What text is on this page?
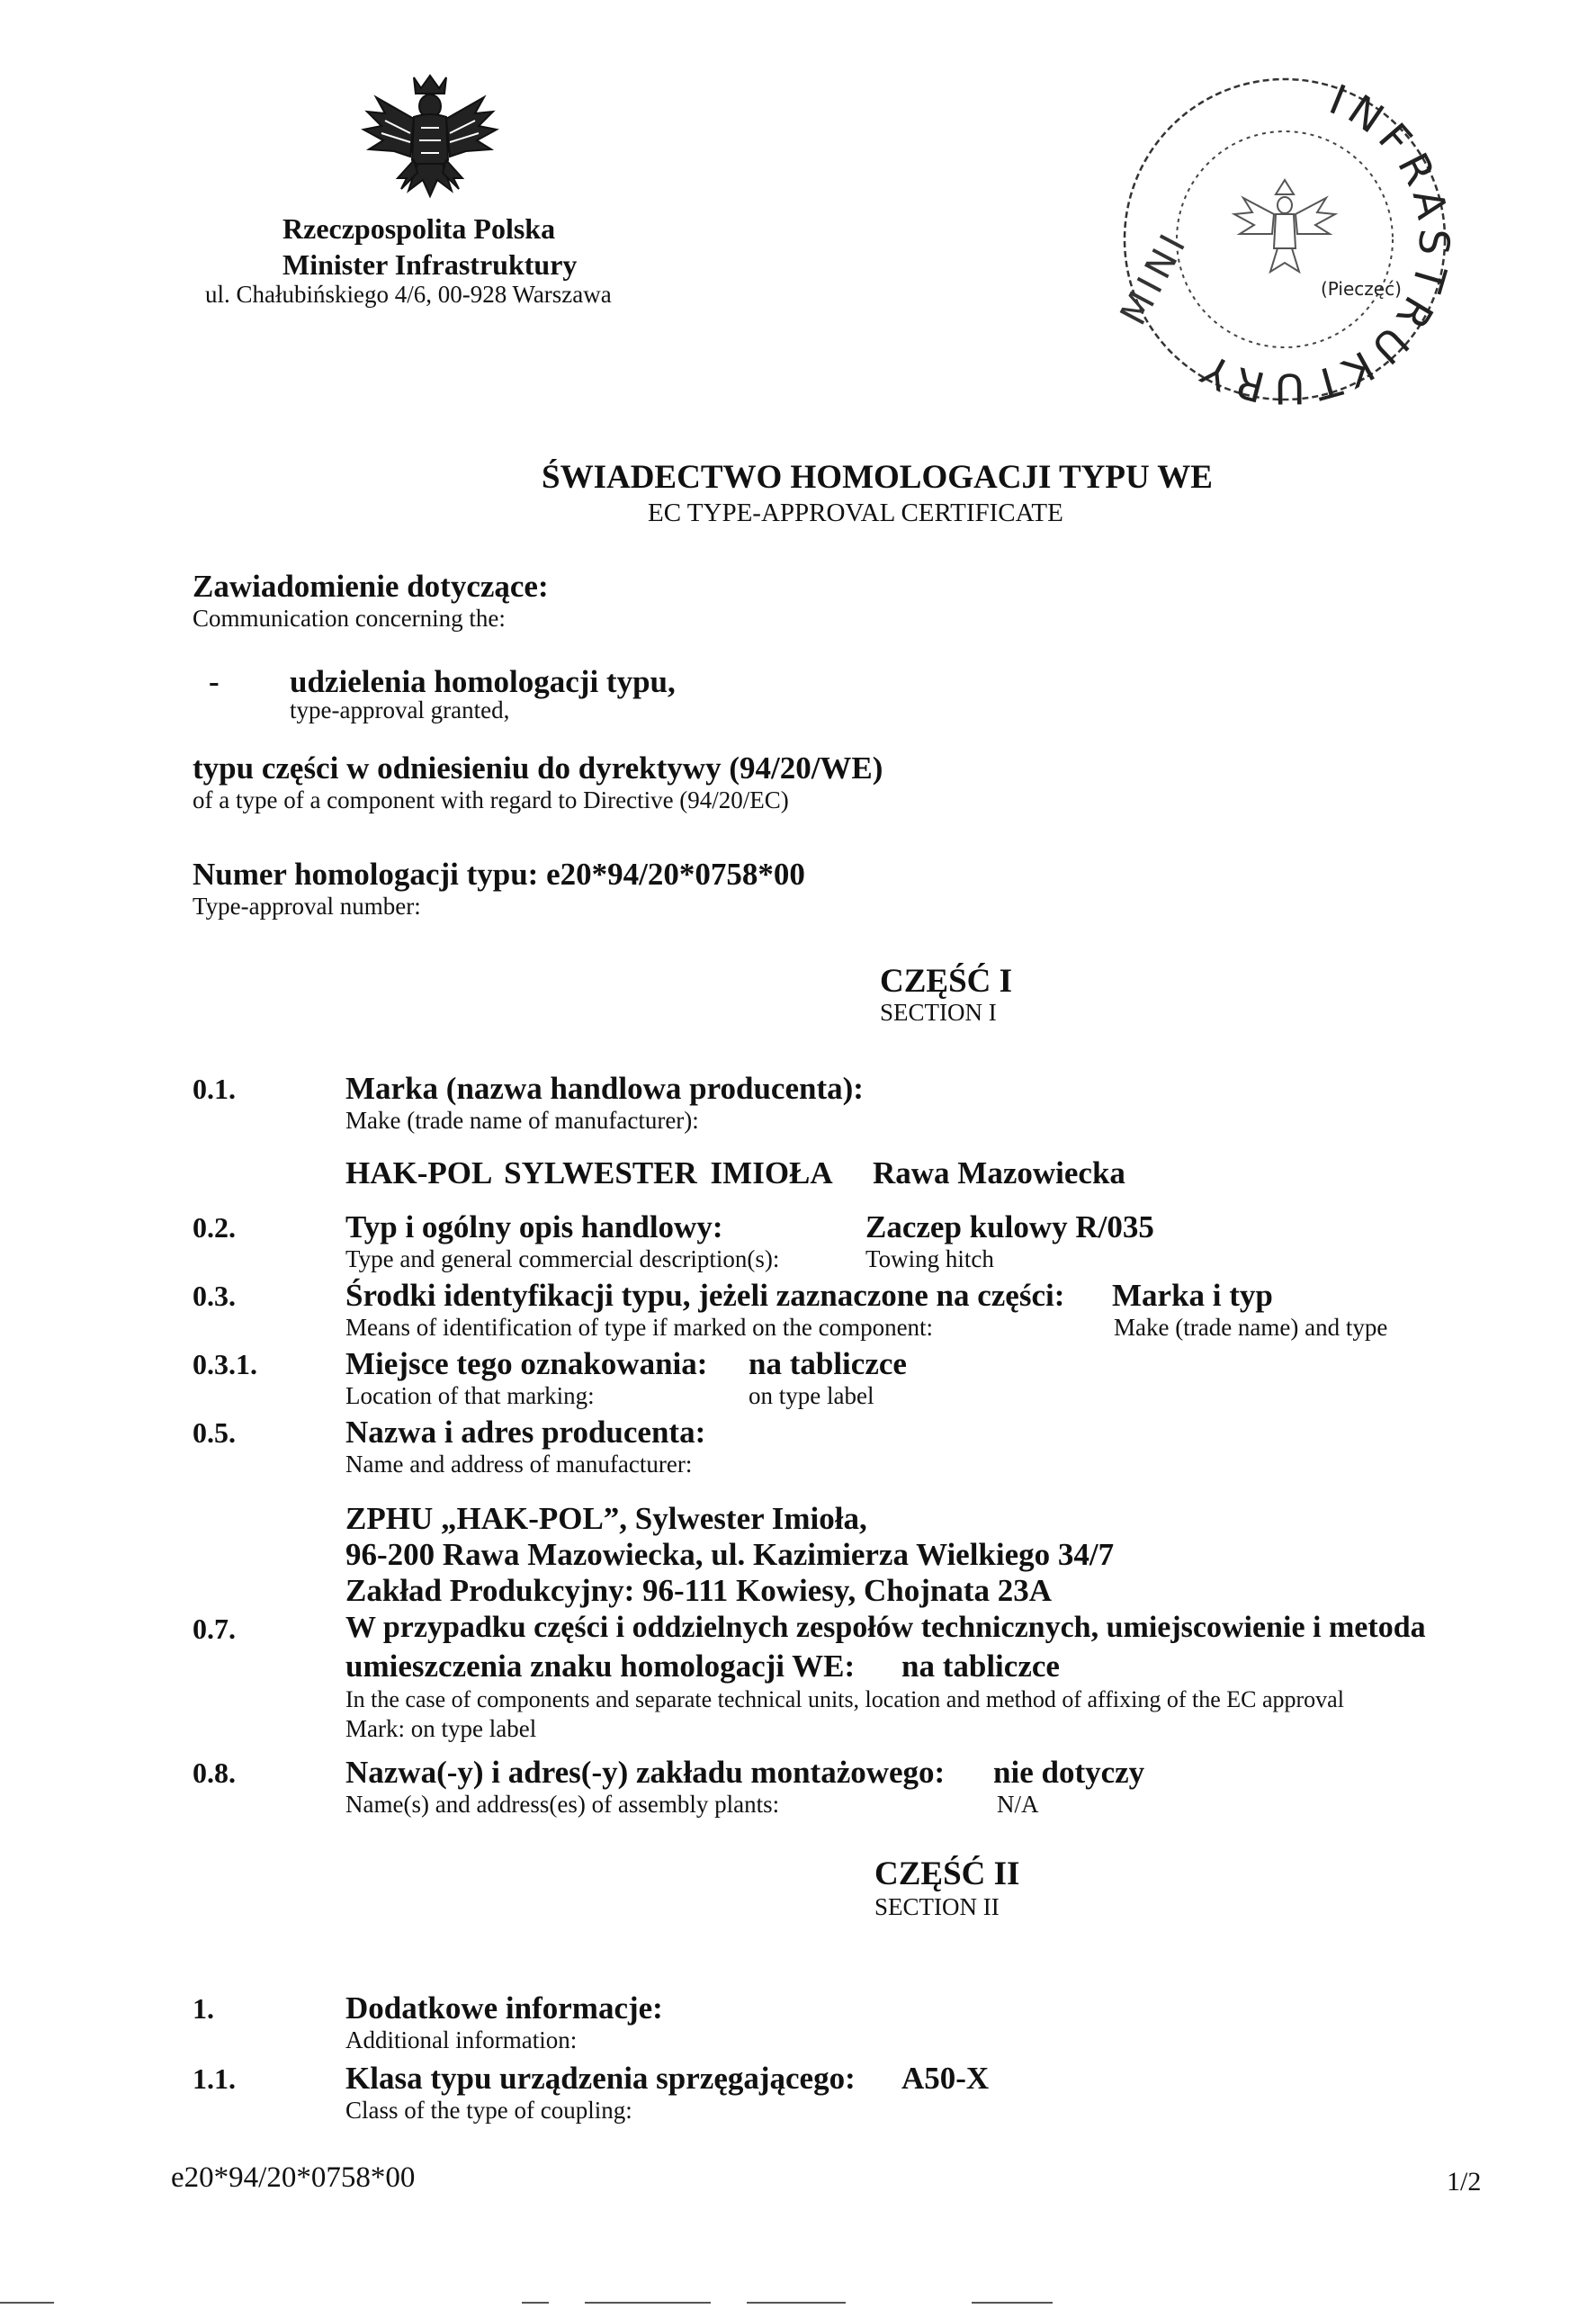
Rzeczpospolita Polska
Minister Infrastruktury
ul. Chałubińskiego 4/6, 00-928 Warszawa
INFRASTRUKTURY
MINI	(Pieczęć)
ŚWIADECTWO HOMOLOGACJI TYPU WE
EC TYPE-APPROVAL CERTIFICATE
Zawiadomienie dotyczące:
Communication concerning the:
- udzielenia homologacji typu,
type-approval granted,
typu części w odniesieniu do dyrektywy (94/20/WE)
of a type of a component with regard to Directive (94/20/EC)
Numer homologacji typu: e20*94/20*0758*00
Type-approval number:
CZĘŚĆ I
SECTION I
0.1.	Marka (nazwa handlowa producenta):
Make (trade name of manufacturer):
HAK-POL SYLWESTER IMIOŁA Rawa Mazowiecka
0.2.	Typ i ogólny opis handlowy:	Zaczep kulowy R/035
Type and general commercial description(s):	Towing hitch
0.3.	Środki identyfikacji typu, jeżeli zaznaczone na części: Marka i typ
Means of identification of type if marked on the component:	Make (trade name) and type
0.3.1.	Miejsce tego oznakowania: na tabliczce
Location of that marking:	on type label
0.5.	Nazwa i adres producenta:
Name and address of manufacturer:
ZPHU „HAK-POL”, Sylwester Imioła,
96-200 Rawa Mazowiecka, ul. Kazimierza Wielkiego 34/7
Zakład Produkcyjny: 96-111 Kowiesy, Chojnata 23A
0.7.	W przypadku części i oddzielnych zespołów technicznych, umiejscowienie i metoda
umieszczenia znaku homologacji WE: na tabliczce
In the case of components and separate technical units, location and method of affixing of the EC approval
Mark: on type label
0.8.	Nazwa(-y) i adres(-y) zakładu montażowego: nie dotyczy
Name(s) and address(es) of assembly plants:	N/A
CZĘŚĆ II
SECTION II
1.	Dodatkowe informacje:
Additional information:
1.1.	Klasa typu urządzenia sprzęgającego: A50-X
Class of the type of coupling:
e20*94/20*0758*00	1/2
